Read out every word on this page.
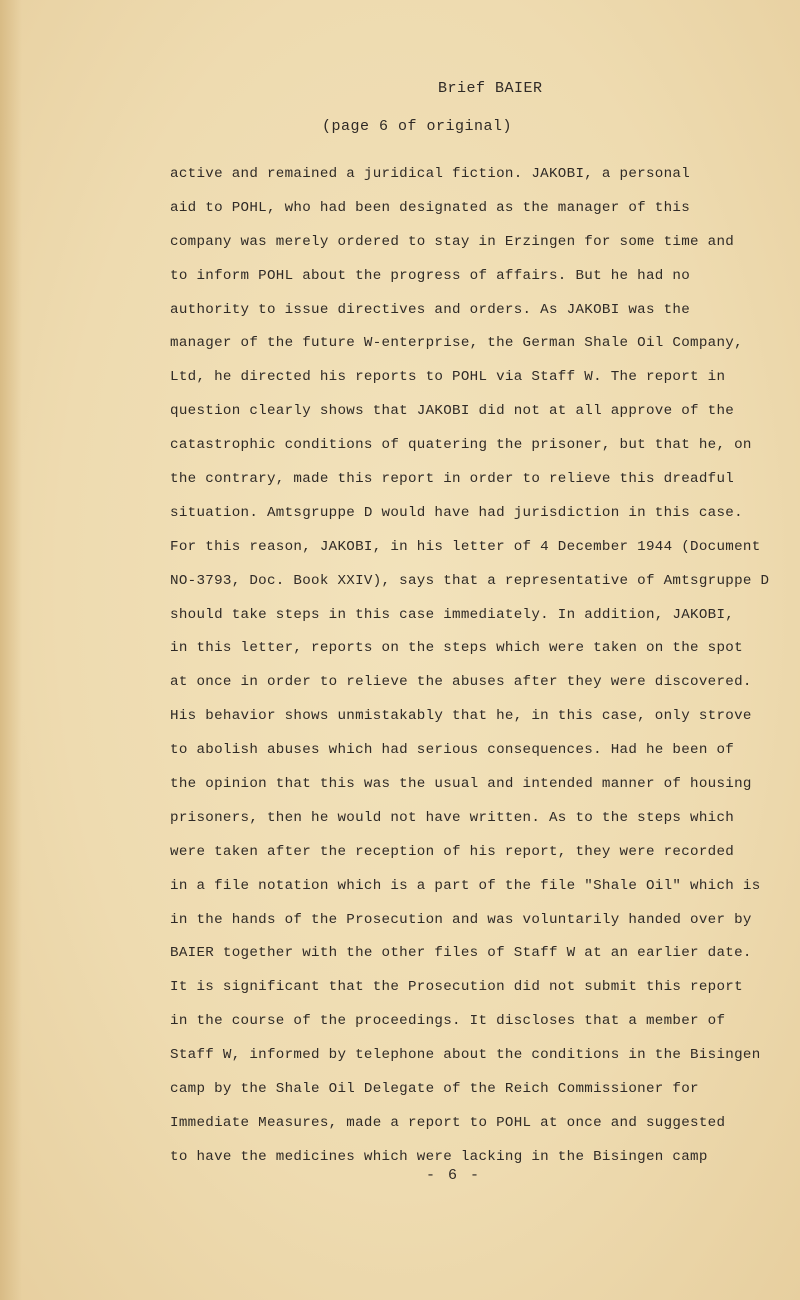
Brief BAIER
(page 6 of original)
active and remained a juridical fiction. JAKOBI, a personal
aid to POHL, who had been designated as the manager of this
company was merely ordered to stay in Erzingen for some time and
to inform POHL about the progress of affairs. But he had no
authority to issue directives and orders. As JAKOBI was the
manager of the future W-enterprise, the German Shale Oil Company,
Ltd, he directed his reports to POHL via Staff W. The report in
question clearly shows that JAKOBI did not at all approve of the
catastrophic conditions of quatering the prisoner, but that he, on
the contrary, made this report in order to relieve this dreadful
situation. Amtsgruppe D would have had jurisdiction in this case.
For this reason, JAKOBI, in his letter of 4 December 1944 (Document
NO-3793, Doc. Book XXIV), says that a representative of Amtsgruppe D
should take steps in this case immediately. In addition, JAKOBI,
in this letter, reports on the steps which were taken on the spot
at once in order to relieve the abuses after they were discovered.
His behavior shows unmistakably that he, in this case, only strove
to abolish abuses which had serious consequences. Had he been of
the opinion that this was the usual and intended manner of housing
prisoners, then he would not have written. As to the steps which
were taken after the reception of his report, they were recorded
in a file notation which is a part of the file "Shale Oil" which is
in the hands of the Prosecution and was voluntarily handed over by
BAIER together with the other files of Staff W at an earlier date.
It is significant that the Prosecution did not submit this report
in the course of the proceedings. It discloses that a member of
Staff W, informed by telephone about the conditions in the Bisingen
camp by the Shale Oil Delegate of the Reich Commissioner for
Immediate Measures, made a report to POHL at once and suggested
to have the medicines which were lacking in the Bisingen camp
- 6 -
